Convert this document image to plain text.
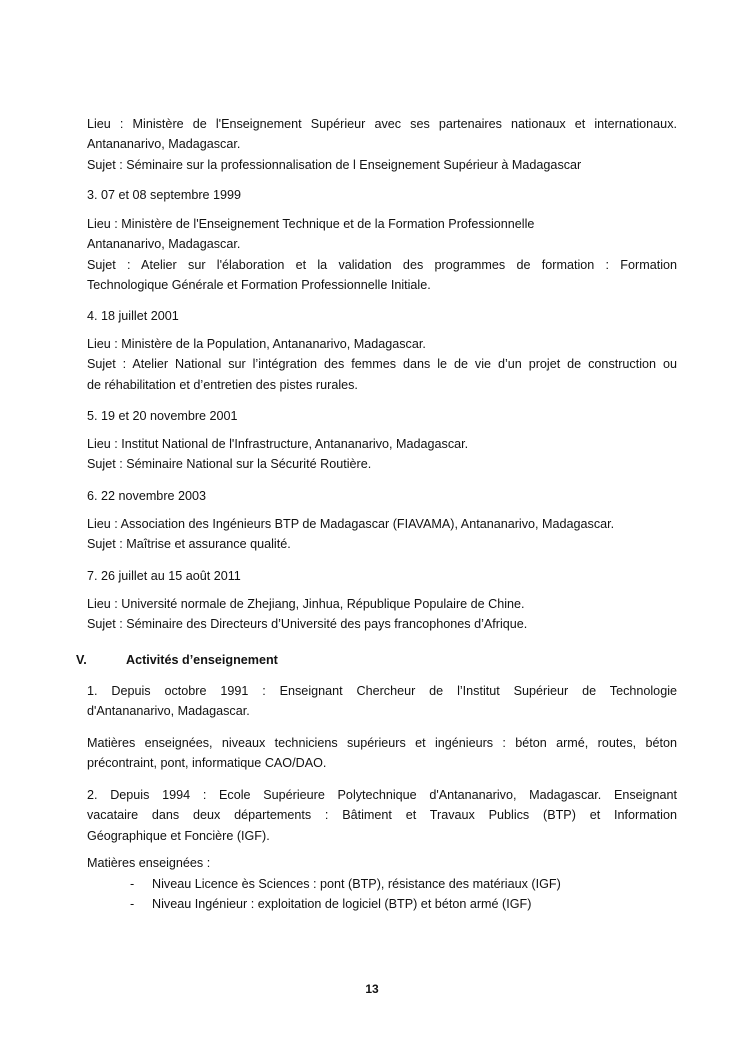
Lieu : Ministère de l'Enseignement Supérieur avec ses partenaires nationaux et internationaux.
Antananarivo, Madagascar.
Sujet : Séminaire sur la professionnalisation de l Enseignement Supérieur à Madagascar
3. 07 et 08 septembre 1999
Lieu : Ministère de l'Enseignement Technique et de la Formation Professionnelle
Antananarivo, Madagascar.
Sujet : Atelier sur l'élaboration et la validation des programmes de formation : Formation
Technologique Générale et Formation Professionnelle Initiale.
4. 18 juillet 2001
Lieu : Ministère de la Population, Antananarivo, Madagascar.
Sujet : Atelier National sur l’intégration des femmes dans le de vie d’un projet de construction ou
de réhabilitation et d’entretien des pistes rurales.
5. 19 et 20 novembre 2001
Lieu : Institut National de l'Infrastructure, Antananarivo, Madagascar.
Sujet : Séminaire National sur la Sécurité Routière.
6. 22 novembre 2003
Lieu : Association des Ingénieurs BTP de Madagascar (FIAVAMA), Antananarivo, Madagascar.
Sujet : Maîtrise et assurance qualité.
7. 26 juillet au 15 août 2011
Lieu : Université normale de Zhejiang, Jinhua, République Populaire de Chine.
Sujet : Séminaire des Directeurs d’Université des pays francophones d’Afrique.
V.	Activités d’enseignement
1. Depuis octobre 1991 : Enseignant Chercheur de l’Institut Supérieur de Technologie
d'Antananarivo, Madagascar.
Matières enseignées, niveaux techniciens supérieurs et ingénieurs : béton armé, routes, béton
précontraint, pont, informatique CAO/DAO.
2. Depuis 1994 : Ecole Supérieure Polytechnique d'Antananarivo, Madagascar. Enseignant
vacataire dans deux départements : Bâtiment et Travaux Publics (BTP) et Information
Géographique et Foncière (IGF).
Matières enseignées :
- Niveau Licence ès Sciences : pont (BTP), résistance des matériaux (IGF)
- Niveau Ingénieur : exploitation de logiciel (BTP) et béton armé (IGF)
13
